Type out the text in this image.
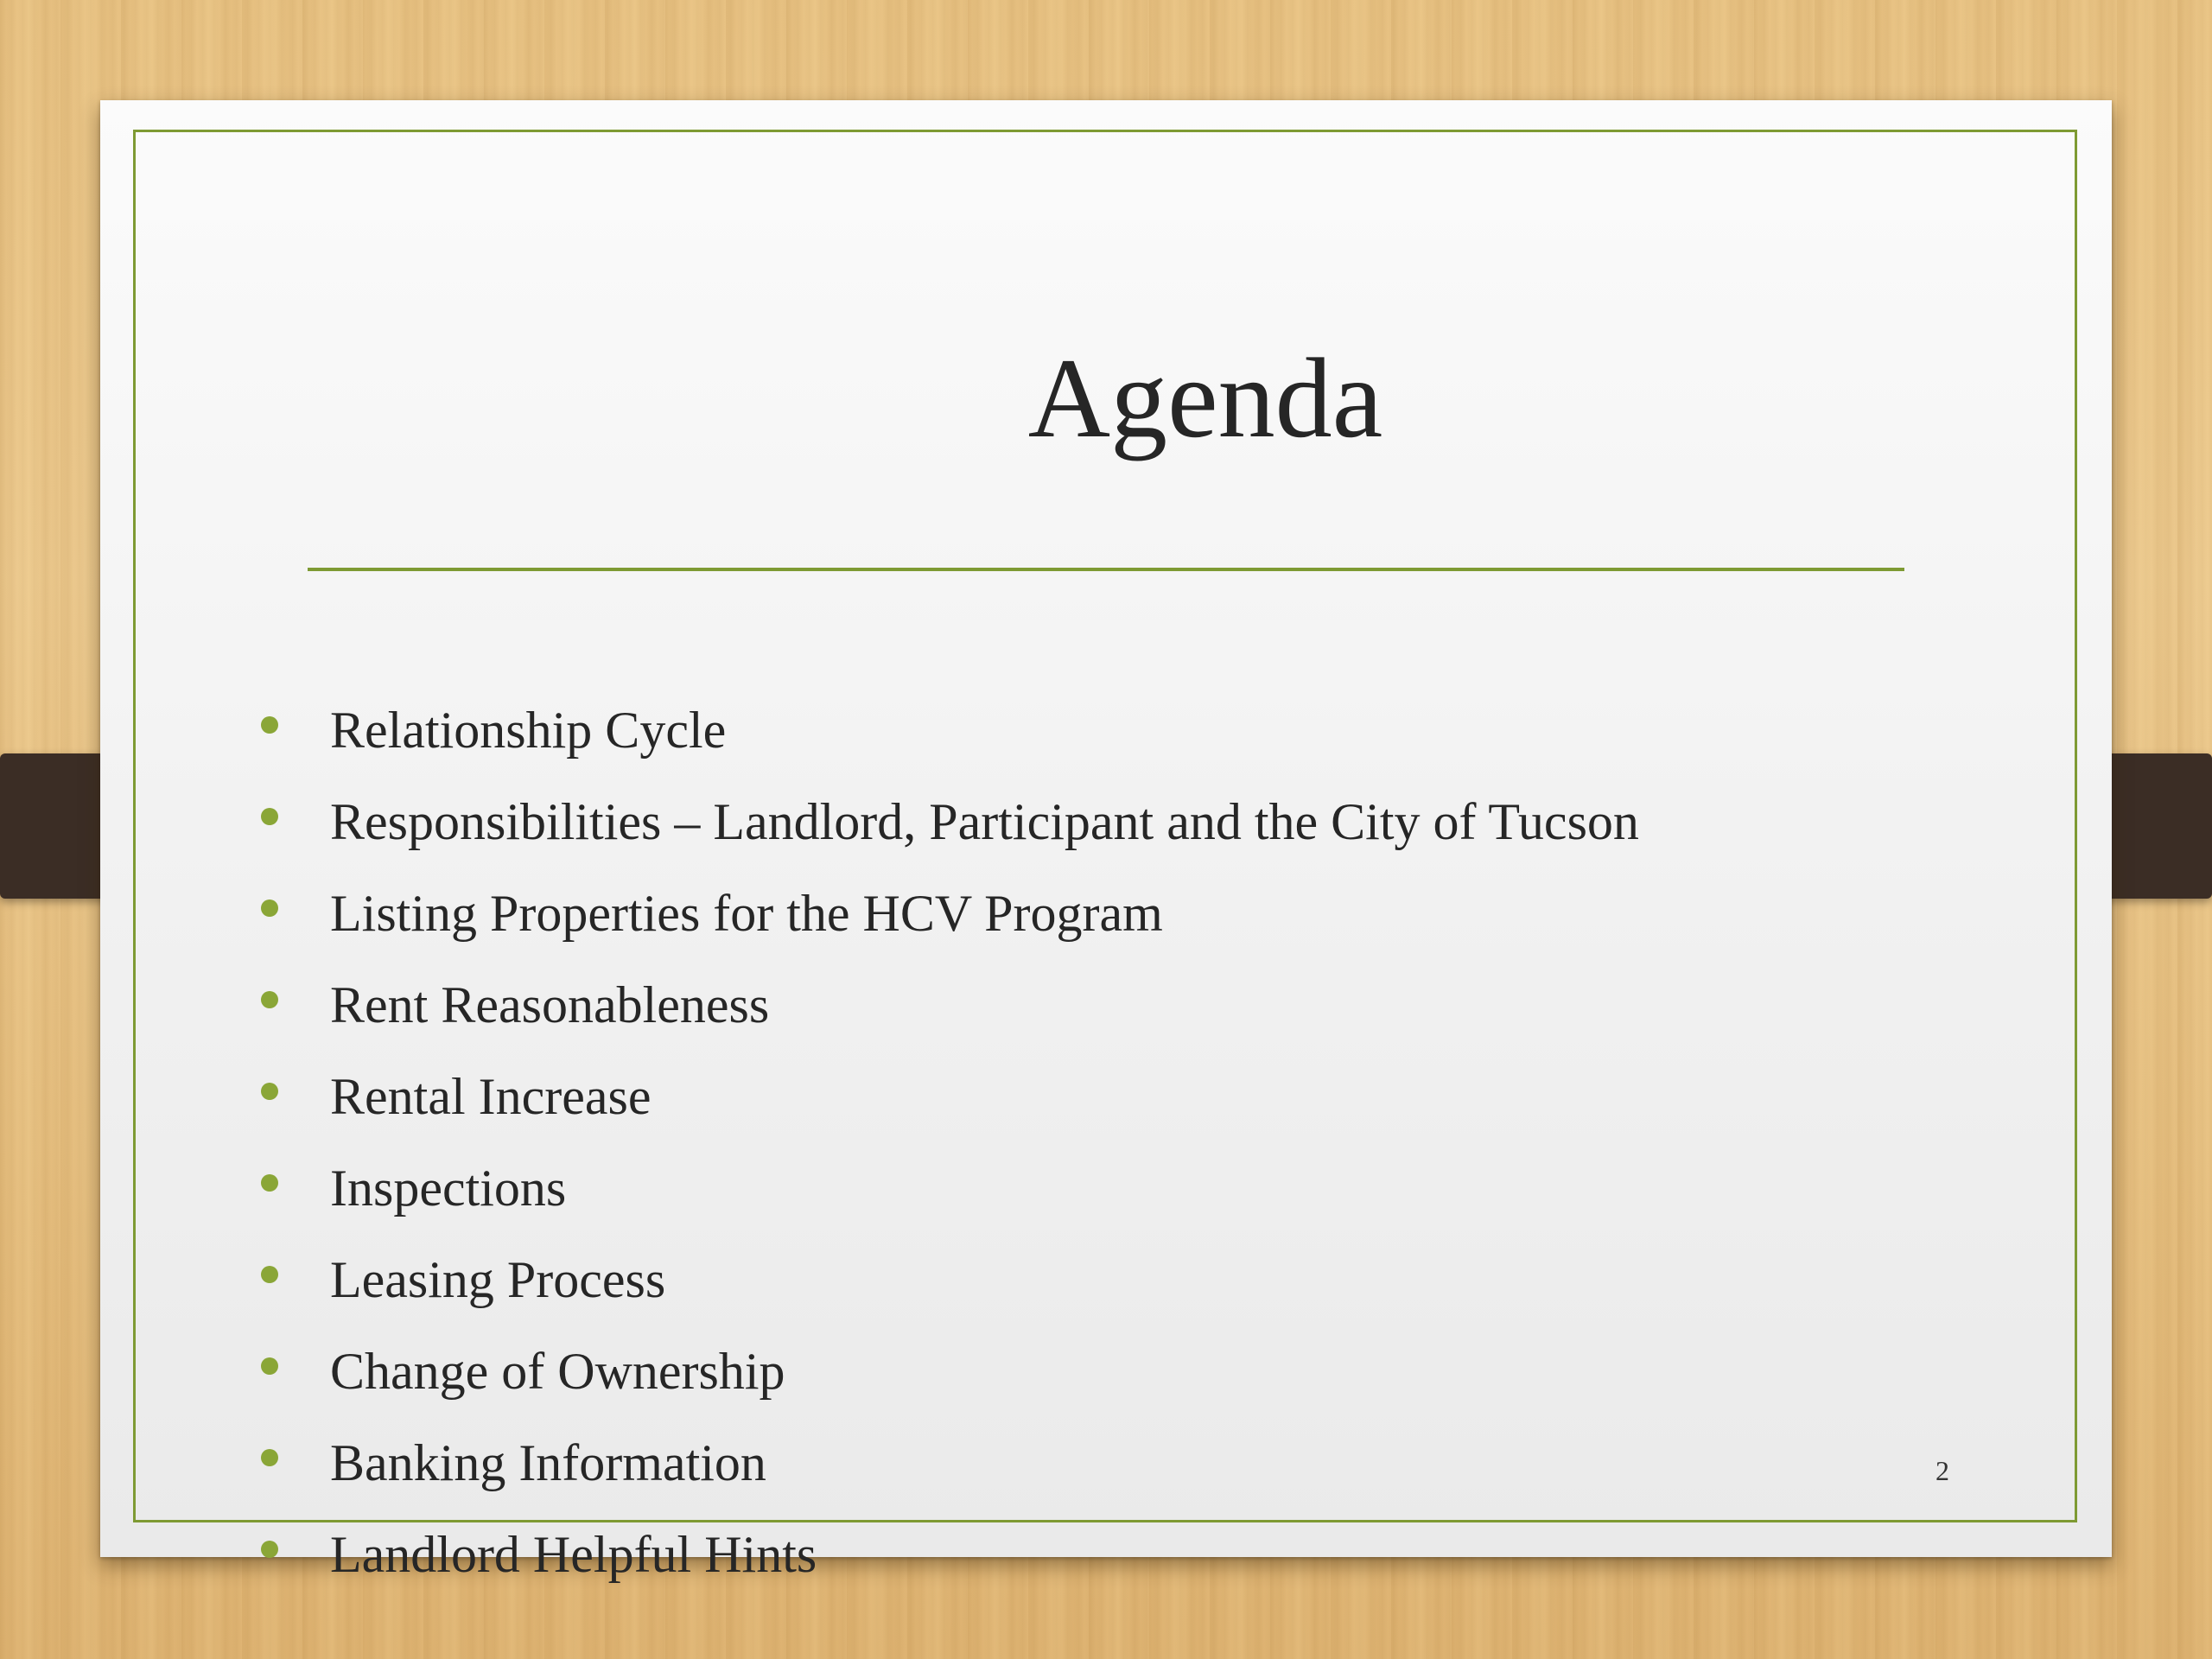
Agenda
Relationship Cycle
Responsibilities – Landlord, Participant and the City of Tucson
Listing Properties for the HCV Program
Rent Reasonableness
Rental Increase
Inspections
Leasing Process
Change of Ownership
Banking Information
Landlord Helpful Hints
2
